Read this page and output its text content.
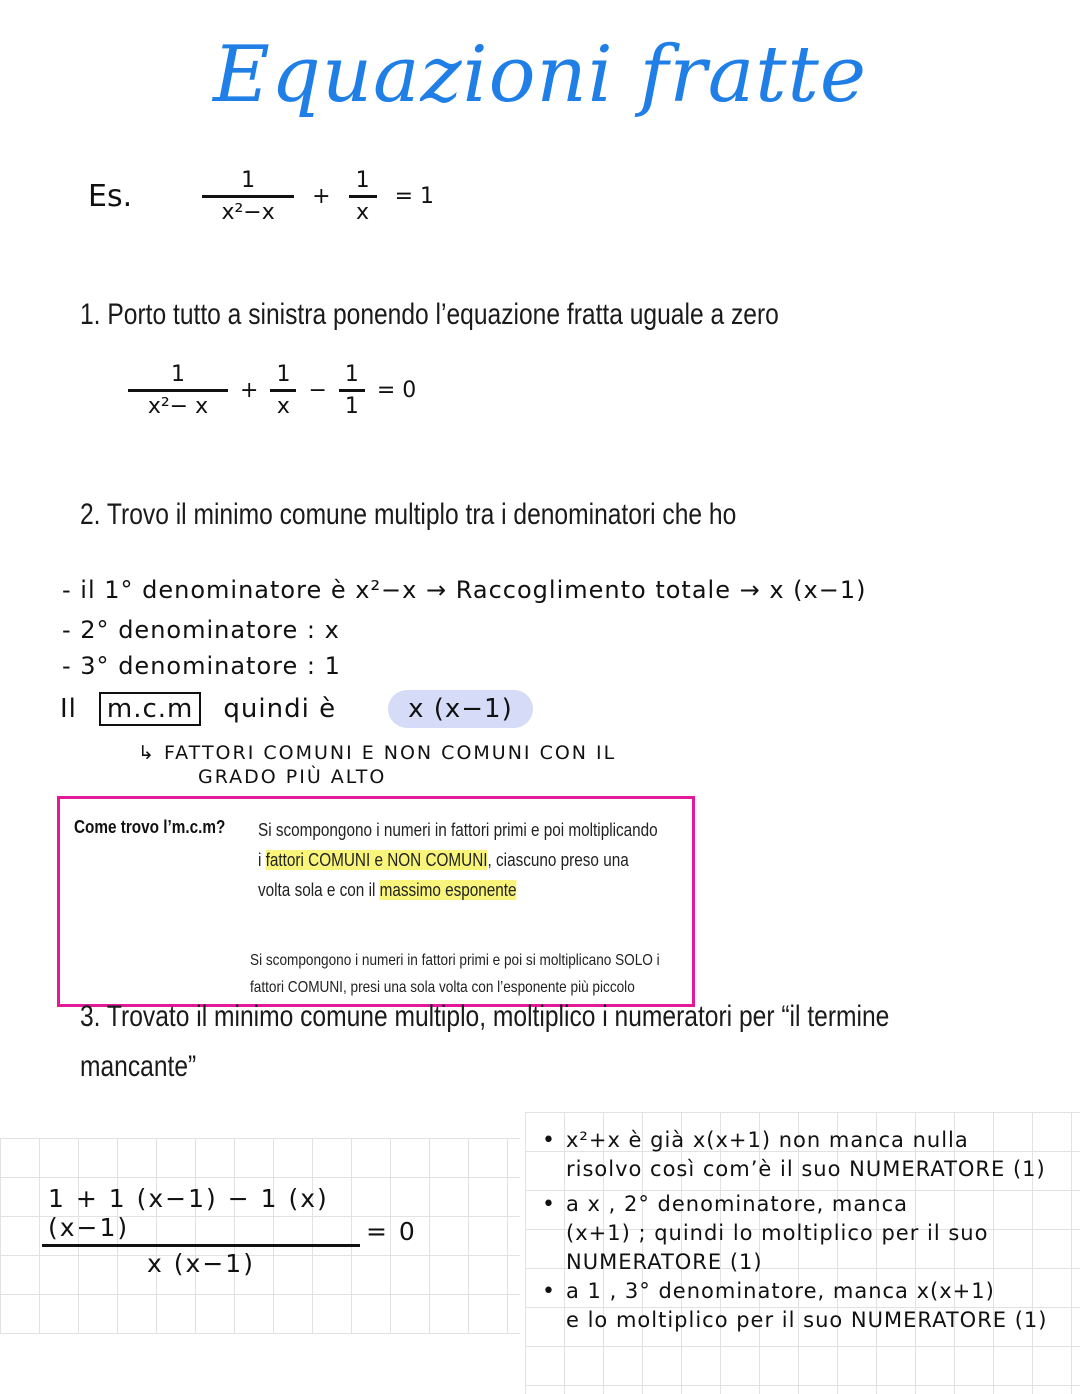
Equazioni fratte
Es.	$\frac{1}{\text{x²−x}} + \frac{1}{x} = 1$
1. Porto tutto a sinistra ponendo l’equazione fratta uguale a zero
$\frac{1}{\text{x²− x}} + \frac{1}{x} - \frac{1}{1} = 0$
2. Trovo il minimo comune multiplo tra i denominatori che ho
- il 1° denominatore è x²−x → Raccoglimento totale → x (x−1)
- 2° denominatore : x
- 3° denominatore : 1
Il	m.c.m	quindi è	x (x−1)
↳ FATTORI COMUNI E NON COMUNI CON IL
GRADO PIÙ ALTO
Come trovo l’m.c.m? Si scompongono i numeri in fattori primi e poi moltiplicando
i fattori COMUNI e NON COMUNI, ciascuno preso una
volta sola e con il massimo esponente
Si scompongono i numeri in fattori primi e poi si moltiplicano SOLO i
fattori COMUNI, presi una sola volta con l’esponente più piccolo
3. Trovato il minimo comune multiplo, moltiplico i numeratori per “il termine
mancante”
$\frac{1 + 1 (x-1) - 1 (x)(x-1)}{x (x-1)} = 0$
• x²+x è già x(x+1) non manca nulla
risolvo così com’è il suo NUMERATORE (1)
• a x , 2° denominatore, manca
(x+1) ; quindi lo moltiplico per il suo
NUMERATORE (1)
• a 1 , 3° denominatore, manca x(x+1)
e lo moltiplico per il suo NUMERATORE (1)
